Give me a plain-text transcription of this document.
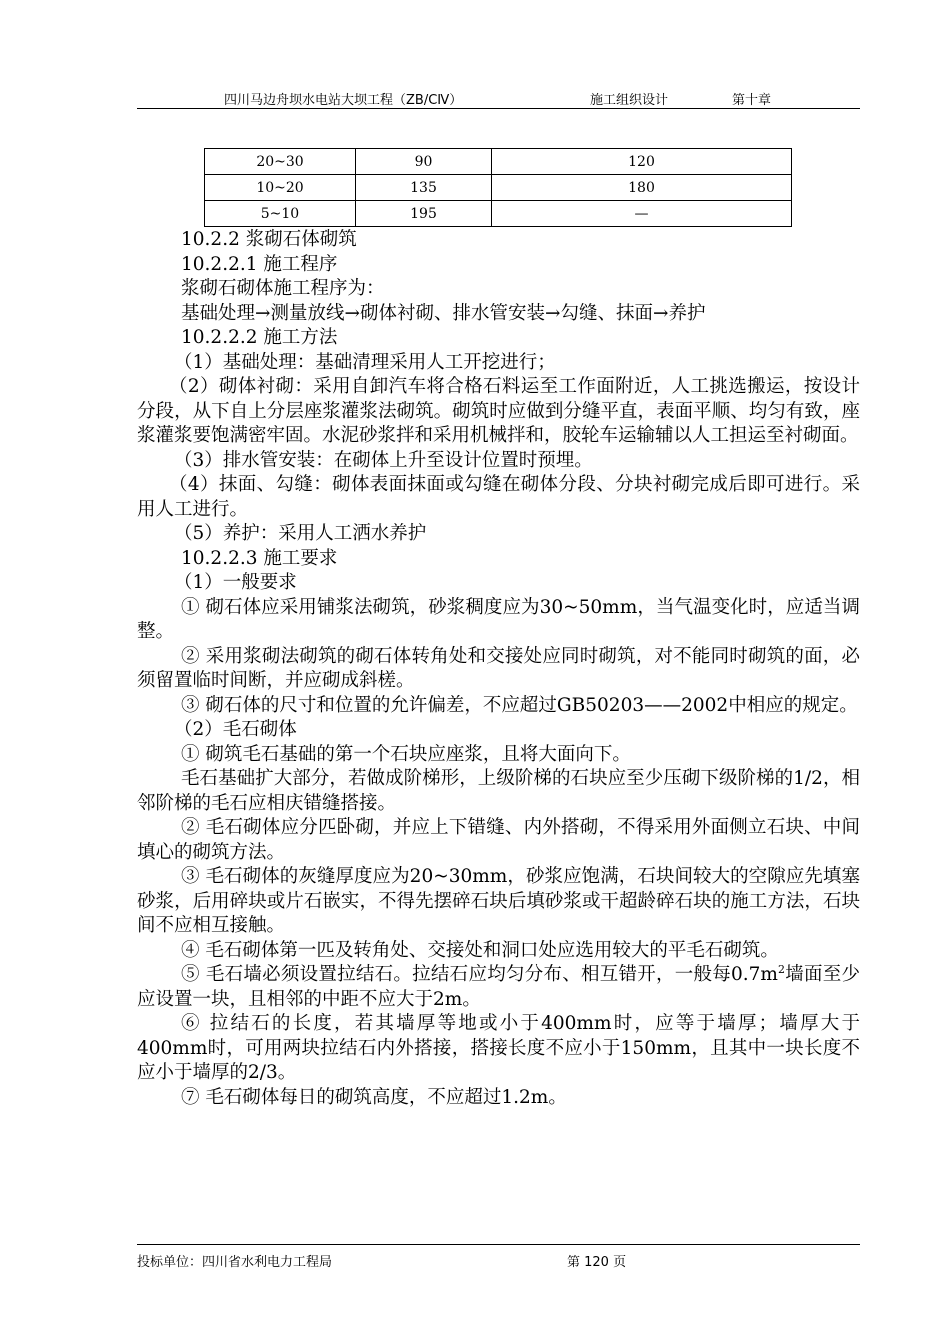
四川马边舟坝水电站大坝工程（ZB/CⅣ）	施工组织设计	第十章
20~30	90	120
10~20	135	180
5~10	195	—

10.2.2 浆砌石体砌筑

10.2.2.1 施工程序

浆砌石砌体施工程序为：

基础处理→测量放线→砌体衬砌、排水管安装→勾缝、抹面→养护

10.2.2.2 施工方法

（1）基础处理：基础清理采用人工开挖进行；

（2）砌体衬砌：采用自卸汽车将合格石料运至工作面附近，人工挑选搬运，按设计分段，从下自上分层座浆灌浆法砌筑。砌筑时应做到分缝平直，表面平顺、均匀有致，座浆灌浆要饱满密牢固。水泥砂浆拌和采用机械拌和，胶轮车运输辅以人工担运至衬砌面。

（3）排水管安装：在砌体上升至设计位置时预埋。

（4）抹面、勾缝：砌体表面抹面或勾缝在砌体分段、分块衬砌完成后即可进行。采用人工进行。

（5）养护：采用人工洒水养护

10.2.2.3 施工要求

（1）一般要求

① 砌石体应采用铺浆法砌筑，砂浆稠度应为30~50mm，当气温变化时，应适当调整。

② 采用浆砌法砌筑的砌石体转角处和交接处应同时砌筑，对不能同时砌筑的面，必须留置临时间断，并应砌成斜槎。

③ 砌石体的尺寸和位置的允许偏差，不应超过GB50203——2002中相应的规定。

（2）毛石砌体

① 砌筑毛石基础的第一个石块应座浆，且将大面向下。

毛石基础扩大部分，若做成阶梯形，上级阶梯的石块应至少压砌下级阶梯的1/2，相邻阶梯的毛石应相庆错缝搭接。

② 毛石砌体应分匹卧砌，并应上下错缝、内外搭砌，不得采用外面侧立石块、中间填心的砌筑方法。

③ 毛石砌体的灰缝厚度应为20~30mm，砂浆应饱满，石块间较大的空隙应先填塞砂浆，后用碎块或片石嵌实，不得先摆碎石块后填砂浆或干超龄碎石块的施工方法，石块间不应相互接触。

④ 毛石砌体第一匹及转角处、交接处和洞口处应选用较大的平毛石砌筑。

⑤ 毛石墙必须设置拉结石。拉结石应均匀分布、相互错开，一般每$0.7m^2$墙面至少应设置一块，且相邻的中距不应大于2m。

⑥ 拉结石的长度，若其墙厚等地或小于400mm时，应等于墙厚；墙厚大于400mm时，可用两块拉结石内外搭接，搭接长度不应小于150mm，且其中一块长度不应小于墙厚的2/3。

⑦ 毛石砌体每日的砌筑高度，不应超过1.2m。

投标单位：四川省水利电力工程局	第 120 页
